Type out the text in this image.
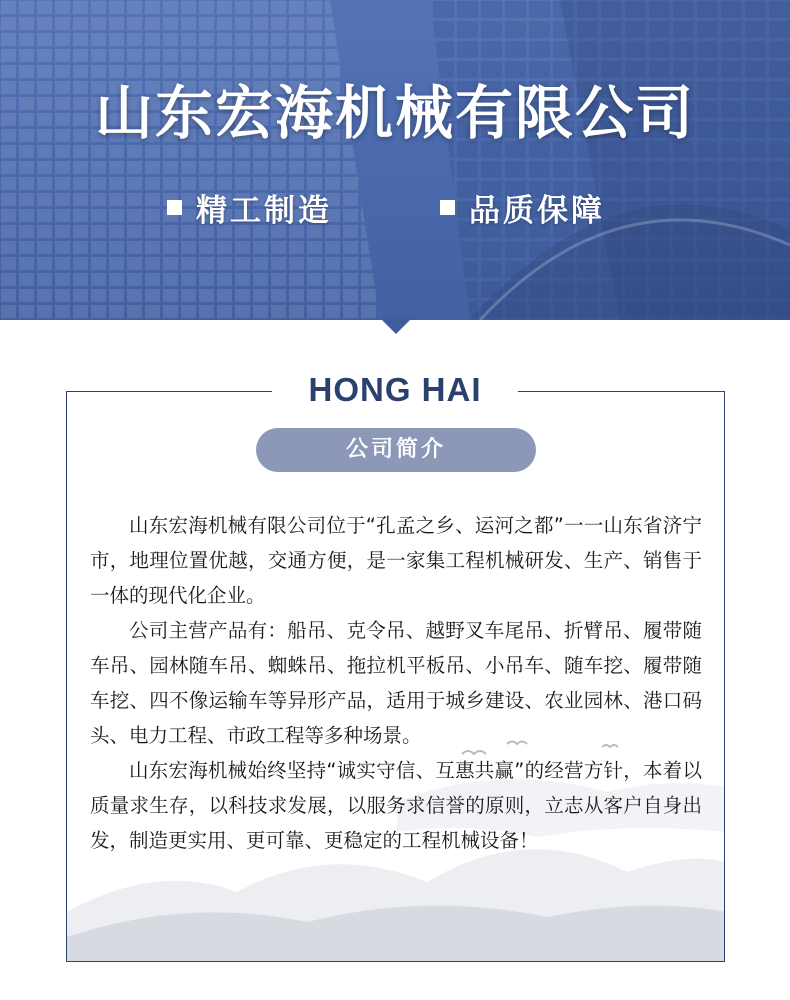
山东宏海机械有限公司
精工制造	品质保障
HONG HAI
公司简介

山东宏海机械有限公司位于“孔孟之乡、运河之都”一一山东省济宁市，地理位置优越，交通方便，是一家集工程机械研发、生产、销售于一体的现代化企业。

公司主营产品有：船吊、克令吊、越野叉车尾吊、折臂吊、履带随车吊、园林随车吊、蜘蛛吊、拖拉机平板吊、小吊车、随车挖、履带随车挖、四不像运输车等异形产品，适用于城乡建设、农业园林、港口码头、电力工程、市政工程等多种场景。

山东宏海机械始终坚持“诚实守信、互惠共赢”的经营方针，本着以质量求生存，以科技求发展，以服务求信誉的原则，立志从客户自身出发，制造更实用、更可靠、更稳定的工程机械设备！
